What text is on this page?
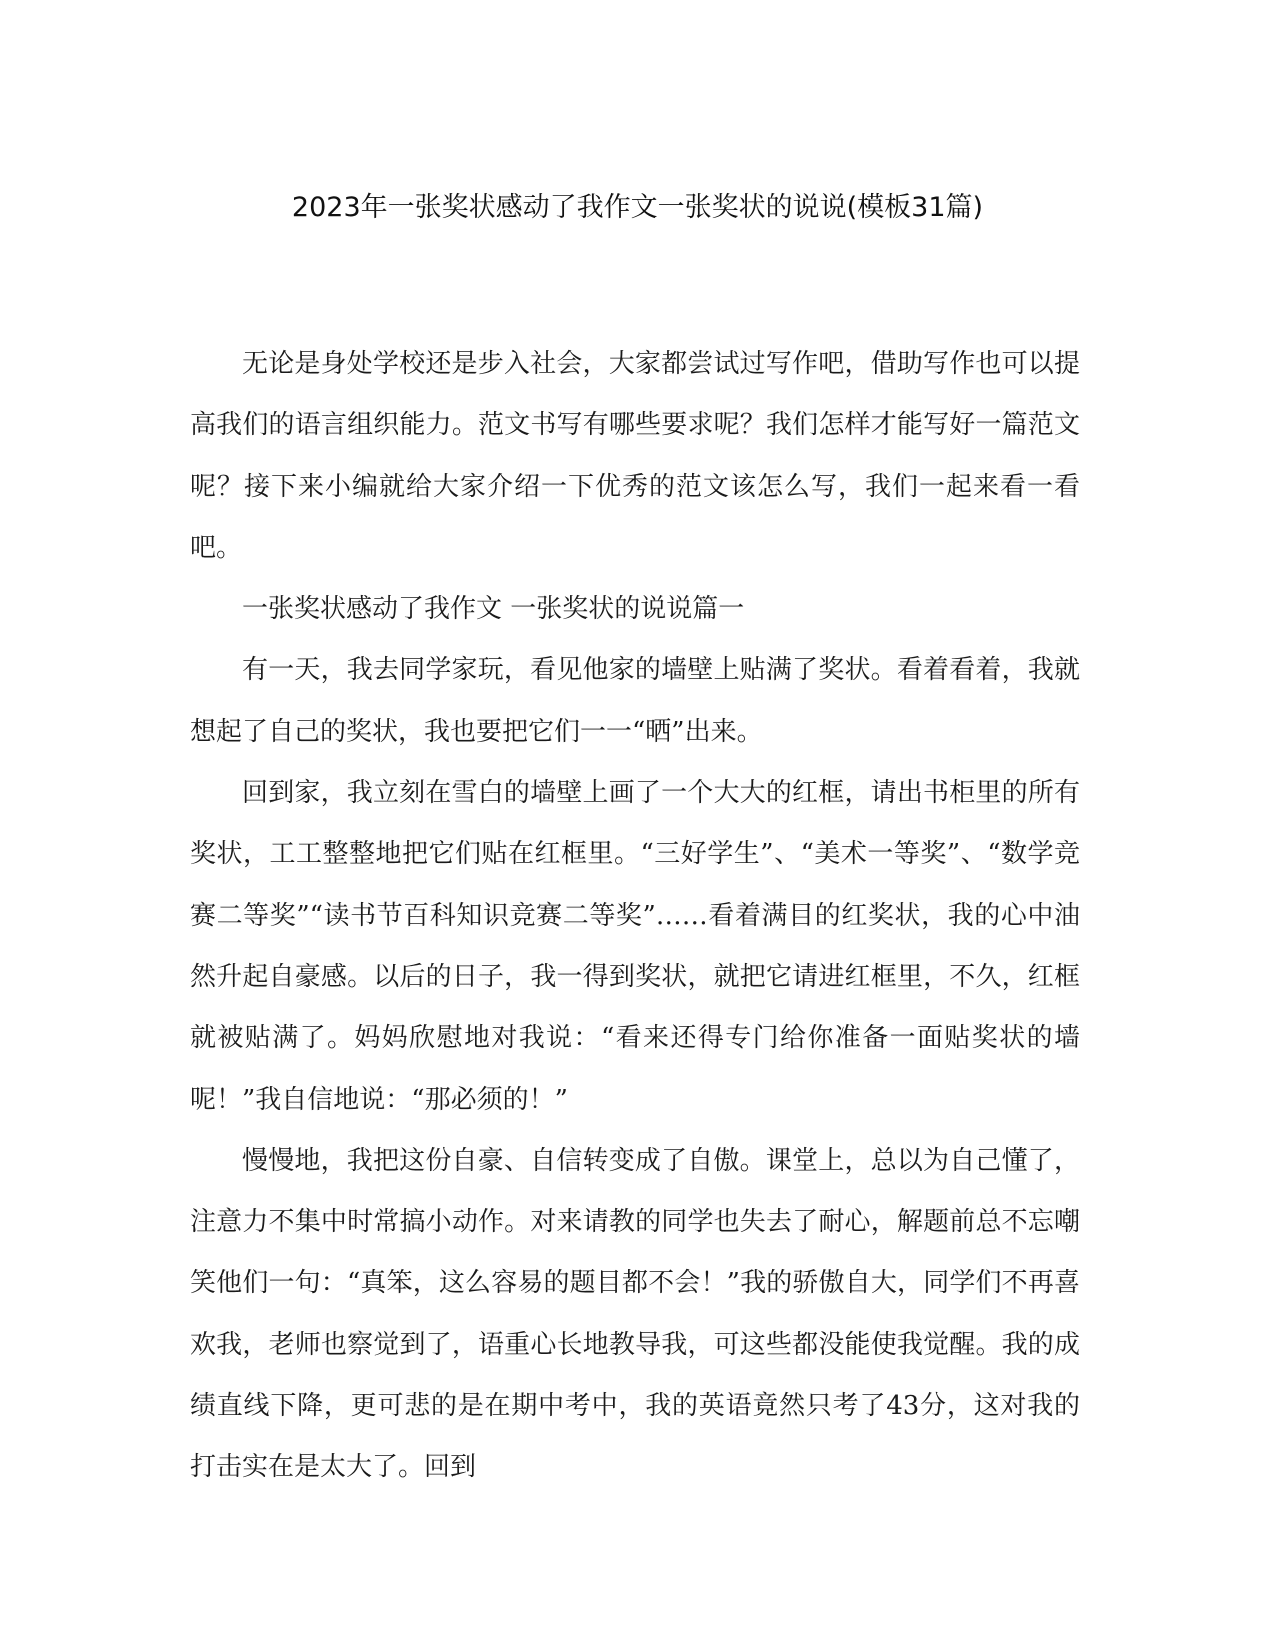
2023年一张奖状感动了我作文一张奖状的说说(模板31篇)

无论是身处学校还是步入社会，大家都尝试过写作吧，借助写作也可以提高我们的语言组织能力。范文书写有哪些要求呢？我们怎样才能写好一篇范文呢？接下来小编就给大家介绍一下优秀的范文该怎么写，我们一起来看一看吧。

一张奖状感动了我作文 一张奖状的说说篇一

有一天，我去同学家玩，看见他家的墙壁上贴满了奖状。看着看着，我就想起了自己的奖状，我也要把它们一一“晒”出来。

回到家，我立刻在雪白的墙壁上画了一个大大的红框，请出书柜里的所有奖状，工工整整地把它们贴在红框里。“三好学生”、“美术一等奖”、“数学竞赛二等奖”“读书节百科知识竞赛二等奖”……看着满目的红奖状，我的心中油然升起自豪感。以后的日子，我一得到奖状，就把它请进红框里，不久，红框就被贴满了。妈妈欣慰地对我说：“看来还得专门给你准备一面贴奖状的墙呢！”我自信地说：“那必须的！”

慢慢地，我把这份自豪、自信转变成了自傲。课堂上，总以为自己懂了，注意力不集中时常搞小动作。对来请教的同学也失去了耐心，解题前总不忘嘲笑他们一句：“真笨，这么容易的题目都不会！”我的骄傲自大，同学们不再喜欢我，老师也察觉到了，语重心长地教导我，可这些都没能使我觉醒。我的成绩直线下降，更可悲的是在期中考中，我的英语竟然只考了43分，这对我的打击实在是太大了。回到
